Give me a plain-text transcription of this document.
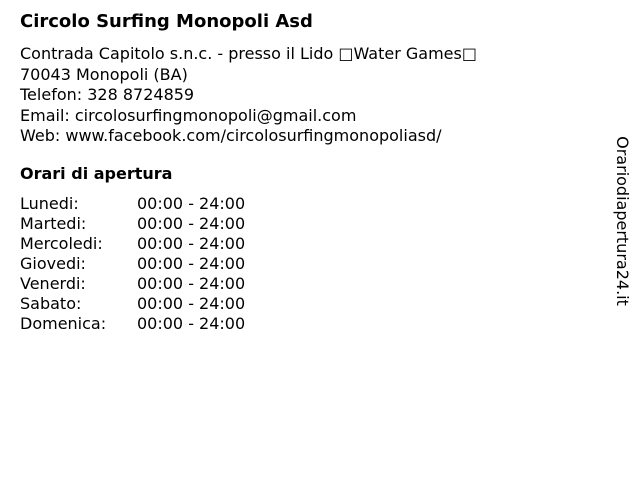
Circolo Surfing Monopoli Asd
Contrada Capitolo s.n.c. - presso il Lido □Water Games□
70043 Monopoli (BA)
Telefon: 328 8724859
Email: circolosurfingmonopoli@gmail.com
Web: www.facebook.com/circolosurfingmonopoliasd/
Orari di apertura
Lunedi:	00:00 - 24:00
Martedi:	00:00 - 24:00
Mercoledi: 00:00 - 24:00
Giovedi:	00:00 - 24:00
Venerdi:	00:00 - 24:00
Sabato:	00:00 - 24:00
Domenica: 00:00 - 24:00
Orariodiapertura24.it
